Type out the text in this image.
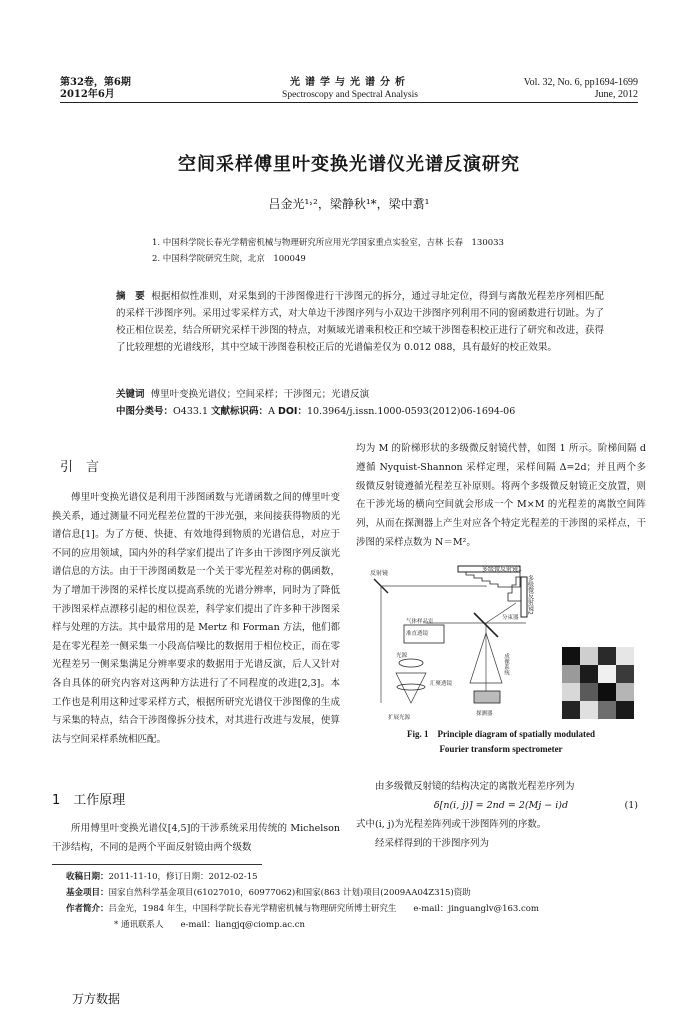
第32卷，第6期
2012年6月
光谱学与光谱分析
Spectroscopy and Spectral Analysis
Vol. 32, No. 6, pp1694-1699
June, 2012
空间采样傅里叶变换光谱仪光谱反演研究
吕金光¹˒²，梁静秋¹*，梁中翥¹
1. 中国科学院长春光学精密机械与物理研究所应用光学国家重点实验室，吉林 长春　130033
2. 中国科学院研究生院，北京　100049
摘　要 根据相似性准则，对采集到的干涉图像进行干涉图元的拆分，通过寻址定位，得到与离散光程差序列相匹配的采样干涉图序列。采用过零采样方式，对大单边干涉图序列与小双边干涉图序列利用不同的窗函数进行切趾。为了校正相位误差，结合所研究采样干涉图的特点，对频域光谱乘积校正和空域干涉图卷积校正进行了研究和改进，获得了比较理想的光谱线形，其中空域干涉图卷积校正后的光谱偏差仅为 0.012 088，具有最好的校正效果。
关键词 傅里叶变换光谱仪；空间采样；干涉图元；光谱反演
中图分类号：O433.1 文献标识码：A DOI：10.3964/j.issn.1000-0593(2012)06-1694-06
引　言
傅里叶变换光谱仪是利用干涉图函数与光谱函数之间的傅里叶变换关系，通过测量不同光程差位置的干涉光强，来间接获得物质的光谱信息[1]。为了方便、快捷、有效地得到物质的光谱信息，对应于不同的应用领域，国内外的科学家们提出了许多由干涉图序列反演光谱信息的方法。由于干涉图函数是一个关于零光程差对称的偶函数，为了增加干涉图的采样长度以提高系统的光谱分辨率，同时为了降低干涉图采样点漂移引起的相位误差，科学家们提出了许多种干涉图采样与处理的方法。其中最常用的是 Mertz 和 Forman 方法，他们都是在零光程差一侧采集一小段高信噪比的数据用于相位校正，而在零光程差另一侧采集满足分辨率要求的数据用于光谱反演，后人又针对各自具体的研究内容对这两种方法进行了不同程度的改进[2,3]。本工作也是利用这种过零采样方式，根据所研究光谱仪干涉图像的生成与采集的特点，结合干涉图像拆分技术，对其进行改进与发展，使算法与空间采样系统相匹配。
1　工作原理
所用傅里叶变换光谱仪[4,5]的干涉系统采用传统的 Michelson 干涉结构，不同的是两个平面反射镜由两个级数
均为 M 的阶梯形状的多级微反射镜代替，如图 1 所示。阶梯间隔 d 遵循 Nyquist-Shannon 采样定理，采样间隔 Δ=2d；并且两个多级微反射镜遵循光程差互补原则。将两个多级微反射镜正交放置，则在干涉光场的横向空间就会形成一个 M×M 的光程差的离散空间阵列，从而在探测器上产生对应各个特定光程差的干涉图的采样点，干涉图的采样点数为 N＝M²。
多级微反射镜1
多级微反射镜2
反射镜
气体样品室
准直透镜
分束器
光源
汇聚透镜
扩展光源
探测器
成像系统
Fig. 1　Principle diagram of spatially modulated
Fourier transform spectrometer
由多级微反射镜的结构决定的离散光程差序列为
δ[n(i, j)] = 2nd = 2(Mj − i)d	(1)
式中(i, j)为光程差阵列或干涉图阵列的序数。
经采样得到的干涉图序列为
收稿日期：2011-11-10，修订日期：2012-02-15
基金项目：国家自然科学基金项目(61027010，60977062)和国家(863 计划)项目(2009AA04Z315)资助
作者简介：吕金光，1984 年生，中国科学院长春光学精密机械与物理研究所博士研究生　　e-mail：jinguanglv@163.com
* 通讯联系人　　e-mail：liangjq@ciomp.ac.cn
万方数据
